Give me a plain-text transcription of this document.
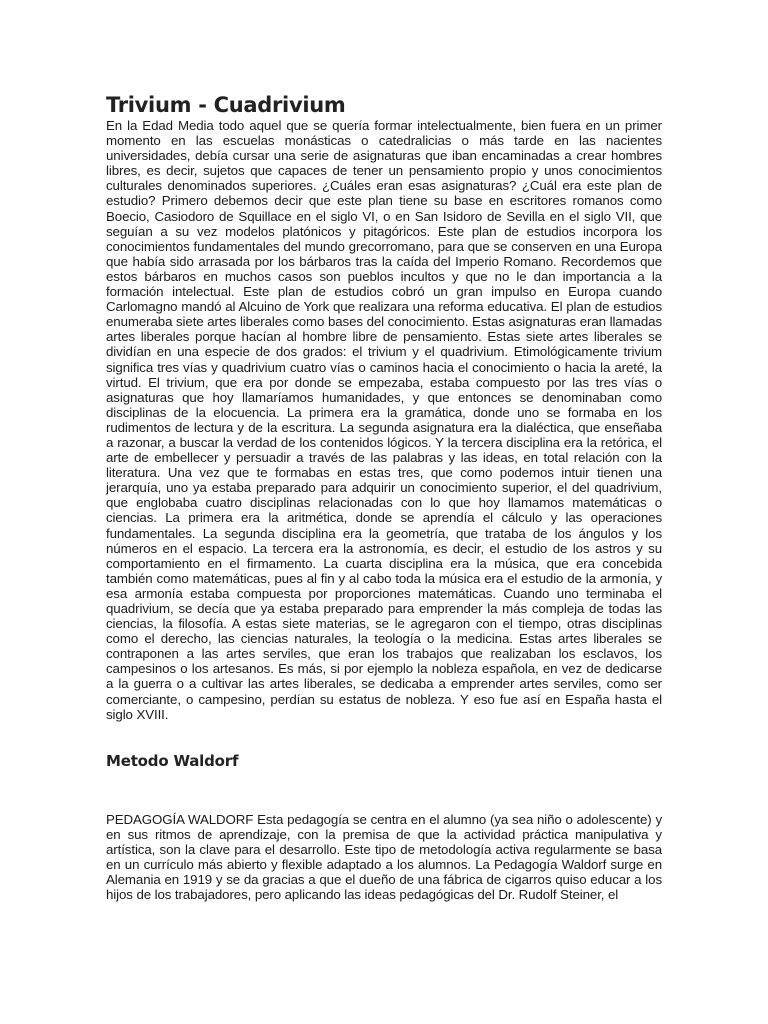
Trivium - Cuadrivium

En la Edad Media todo aquel que se quería formar intelectualmente, bien fuera en un primer momento en las escuelas monásticas o catedralicias o más tarde en las nacientes universidades, debía cursar una serie de asignaturas que iban encaminadas a crear hombres libres, es decir, sujetos que capaces de tener un pensamiento propio y unos conocimientos culturales denominados superiores. ¿Cuáles eran esas asignaturas? ¿Cuál era este plan de estudio? Primero debemos decir que este plan tiene su base en escritores romanos como Boecio, Casiodoro de Squillace en el siglo VI, o en San Isidoro de Sevilla en el siglo VII, que seguían a su vez modelos platónicos y pitagóricos. Este plan de estudios incorpora los conocimientos fundamentales del mundo grecorromano, para que se conserven en una Europa que había sido arrasada por los bárbaros tras la caída del Imperio Romano. Recordemos que estos bárbaros en muchos casos son pueblos incultos y que no le dan importancia a la formación intelectual. Este plan de estudios cobró un gran impulso en Europa cuando Carlomagno mandó al Alcuino de York que realizara una reforma educativa. El plan de estudios enumeraba siete artes liberales como bases del conocimiento. Estas asignaturas eran llamadas artes liberales porque hacían al hombre libre de pensamiento. Estas siete artes liberales se dividían en una especie de dos grados: el trivium y el quadrivium. Etimológicamente trivium significa tres vías y quadrivium cuatro vías o caminos hacia el conocimiento o hacia la areté, la virtud. El trivium, que era por donde se empezaba, estaba compuesto por las tres vías o asignaturas que hoy llamaríamos humanidades, y que entonces se denominaban como disciplinas de la elocuencia. La primera era la gramática, donde uno se formaba en los rudimentos de lectura y de la escritura. La segunda asignatura era la dialéctica, que enseñaba a razonar, a buscar la verdad de los contenidos lógicos. Y la tercera disciplina era la retórica, el arte de embellecer y persuadir a través de las palabras y las ideas, en total relación con la literatura. Una vez que te formabas en estas tres, que como podemos intuir tienen una jerarquía, uno ya estaba preparado para adquirir un conocimiento superior, el del quadrivium, que englobaba cuatro disciplinas relacionadas con lo que hoy llamamos matemáticas o ciencias. La primera era la aritmética, donde se aprendía el cálculo y las operaciones fundamentales. La segunda disciplina era la geometría, que trataba de los ángulos y los números en el espacio. La tercera era la astronomía, es decir, el estudio de los astros y su comportamiento en el firmamento. La cuarta disciplina era la música, que era concebida también como matemáticas, pues al fin y al cabo toda la música era el estudio de la armonía, y esa armonía estaba compuesta por proporciones matemáticas. Cuando uno terminaba el quadrivium, se decía que ya estaba preparado para emprender la más compleja de todas las ciencias, la filosofía. A estas siete materias, se le agregaron con el tiempo, otras disciplinas como el derecho, las ciencias naturales, la teología o la medicina. Estas artes liberales se contraponen a las artes serviles, que eran los trabajos que realizaban los esclavos, los campesinos o los artesanos. Es más, si por ejemplo la nobleza española, en vez de dedicarse a la guerra o a cultivar las artes liberales, se dedicaba a emprender artes serviles, como ser comerciante, o campesino, perdían su estatus de nobleza. Y eso fue así en España hasta el siglo XVIII.

Metodo Waldorf

PEDAGOGÍA WALDORF Esta pedagogía se centra en el alumno (ya sea niño o adolescente) y en sus ritmos de aprendizaje, con la premisa de que la actividad práctica manipulativa y artística, son la clave para el desarrollo. Este tipo de metodología activa regularmente se basa en un currículo más abierto y flexible adaptado a los alumnos. La Pedagogía Waldorf surge en Alemania en 1919 y se da gracias a que el dueño de una fábrica de cigarros quiso educar a los hijos de los trabajadores, pero aplicando las ideas pedagógicas del Dr. Rudolf Steiner, el
